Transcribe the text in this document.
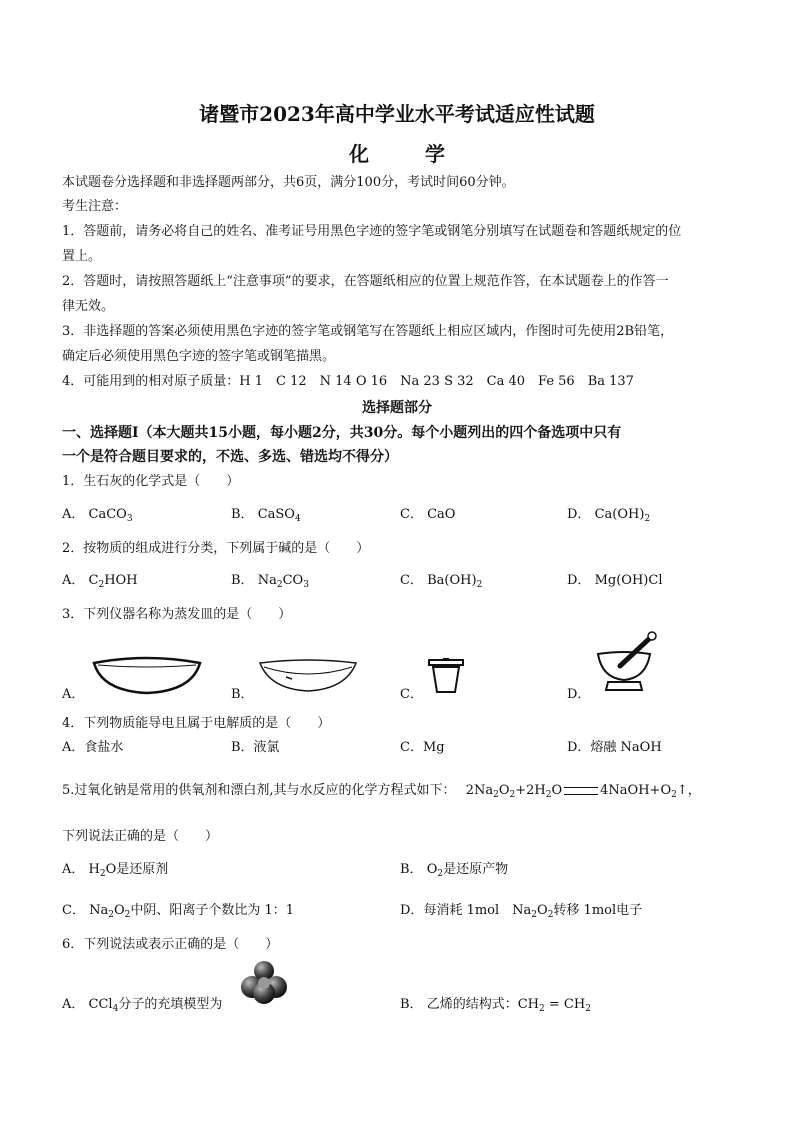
诸暨市2023年高中学业水平考试适应性试题
化　学
本试题卷分选择题和非选择题两部分，共6页，满分100分，考试时间60分钟。
考生注意：
1．答题前，请务必将自己的姓名、准考证号用黑色字迹的签字笔或钢笔分别填写在试题卷和答题纸规定的位
置上。
2．答题时，请按照答题纸上“注意事项”的要求，在答题纸相应的位置上规范作答，在本试题卷上的作答一
律无效。
3．非选择题的答案必须使用黑色字迹的签字笔或钢笔写在答题纸上相应区域内，作图时可先使用2B铅笔，
确定后必须使用黑色字迹的签字笔或钢笔描黑。
4．可能用到的相对原子质量：H 1　C 12　N 14 O 16　Na 23 S 32　Ca 40　Fe 56　Ba 137
选择题部分
一、选择题Ⅰ（本大题共15小题，每小题2分，共30分。每个小题列出的四个备选项中只有
一个是符合题目要求的，不选、多选、错选均不得分）
1．生石灰的化学式是（　　）
A． CaCO$_3$	B． CaSO$_4$	C． CaO	D． $Ca(OH)_2$
2．按物质的组成进行分类，下列属于碱的是（　　）
A． $C_2HOH$	B． $Na_2CO_3$	C． $Ba(OH)_2$	D． Mg(OH)Cl
3．下列仪器名称为蒸发皿的是（　　）
A．	B．	C．	D．
4．下列物质能导电且属于电解质的是（　　）
A．食盐水	B．液氯	C．Mg	D．熔融 NaOH
5.过氧化钠是常用的供氧剂和漂白剂,其与水反应的化学方程式如下： $2Na_2O_2+2H_2O$	$4NaOH+O_2↑$，
下列说法正确的是（　　）
A． $H_2O$是还原剂	B． $O_2$是还原产物
C． $Na_2O_2$中阴、阳离子个数比为 1：1	D．每消耗 1mol　$Na_2O_2$转移 1mol电子
6．下列说法或表示正确的是（　　）
A． CCl$_4$分子的充填模型为	B． 乙烯的结构式：$CH_2 = CH_2$
